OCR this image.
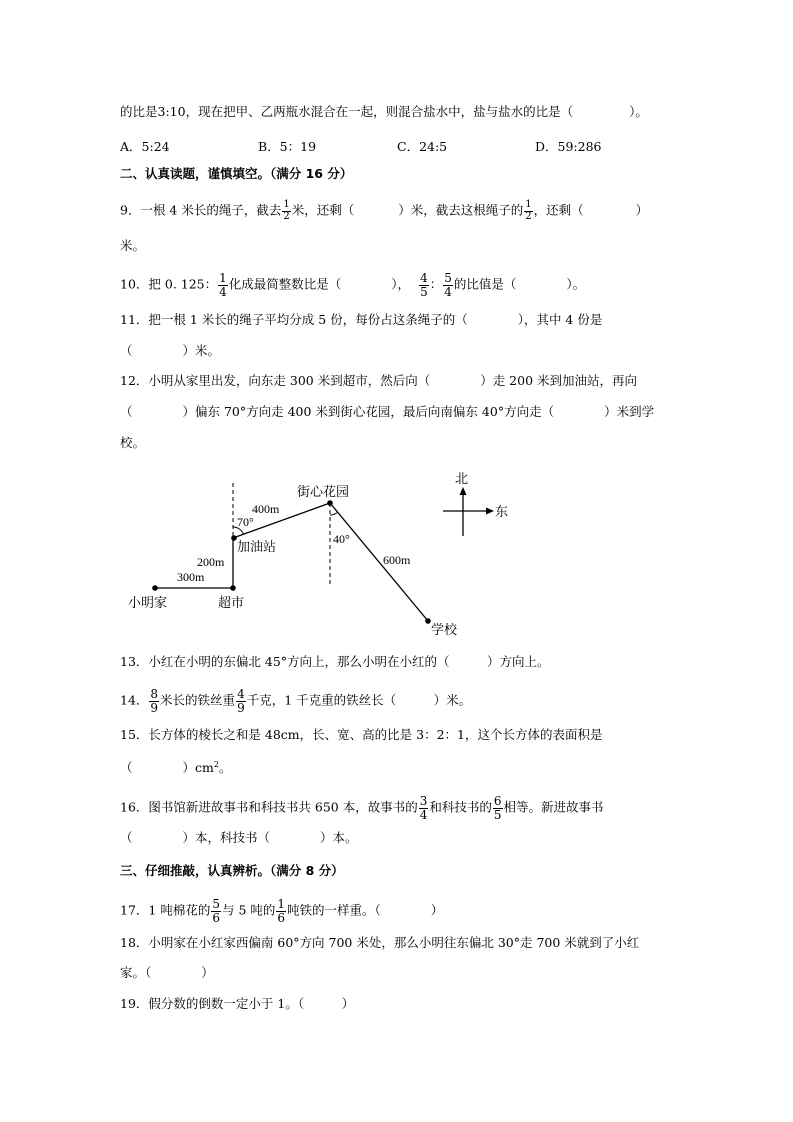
的比是3:10，现在把甲、乙两瓶水混合在一起，则混合盐水中，盐与盐水的比是（	）。
A．5:24	B．5：19	C．24:5	D．59:286
二、认真读题，谨慎填空。（满分 16 分）
9．一根 4 米长的绳子，截去 $\frac{1}{2}$ 米，还剩（	）米，截去这根绳子的 $\frac{1}{2}$ ，还剩（	）
米。
10．把 0. 125： $\frac{1}{4}$ 化成最简整数比是（	）， $\frac{4}{5}$ ： $\frac{5}{4}$ 的比值是（	）。
11．把一根 1 米长的绳子平均分成 5 份，每份占这条绳子的（　　　　），其中 4 份是
（　　　　）米。
12．小明从家里出发，向东走 300 米到超市，然后向（　　　　）走 200 米到加油站，再向
（　　　　）偏东 70°方向走 400 米到街心花园，最后向南偏东 40°方向走（　　　　）米到学
校。
小明家	超市
加油站
街心花园
学校
300m
200m
400m
600m
70°
40°
北
东
13．小红在小明的东偏北 45°方向上，那么小明在小红的（　　　）方向上。
14． $\frac{8}{9}$ 米长的铁丝重 $\frac{4}{9}$ 千克，1 千克重的铁丝长（　　　）米。
15．长方体的棱长之和是 48cm，长、宽、高的比是 3：2：1，这个长方体的表面积是
（　　　　）$cm^2$。
16．图书馆新进故事书和科技书共 650 本，故事书的 $\frac{3}{4}$ 和科技书的 $\frac{6}{5}$ 相等。新进故事书
（　　　　）本，科技书（　　　　）本。
三、仔细推敲，认真辨析。（满分 8 分）
17．1 吨棉花的 $\frac{5}{6}$ 与 5 吨的 $\frac{1}{6}$ 吨铁的一样重。（　　　　）
18．小明家在小红家西偏南 60°方向 700 米处，那么小明往东偏北 30°走 700 米就到了小红
家。（　　　　）
19．假分数的倒数一定小于 1。（　　　）
